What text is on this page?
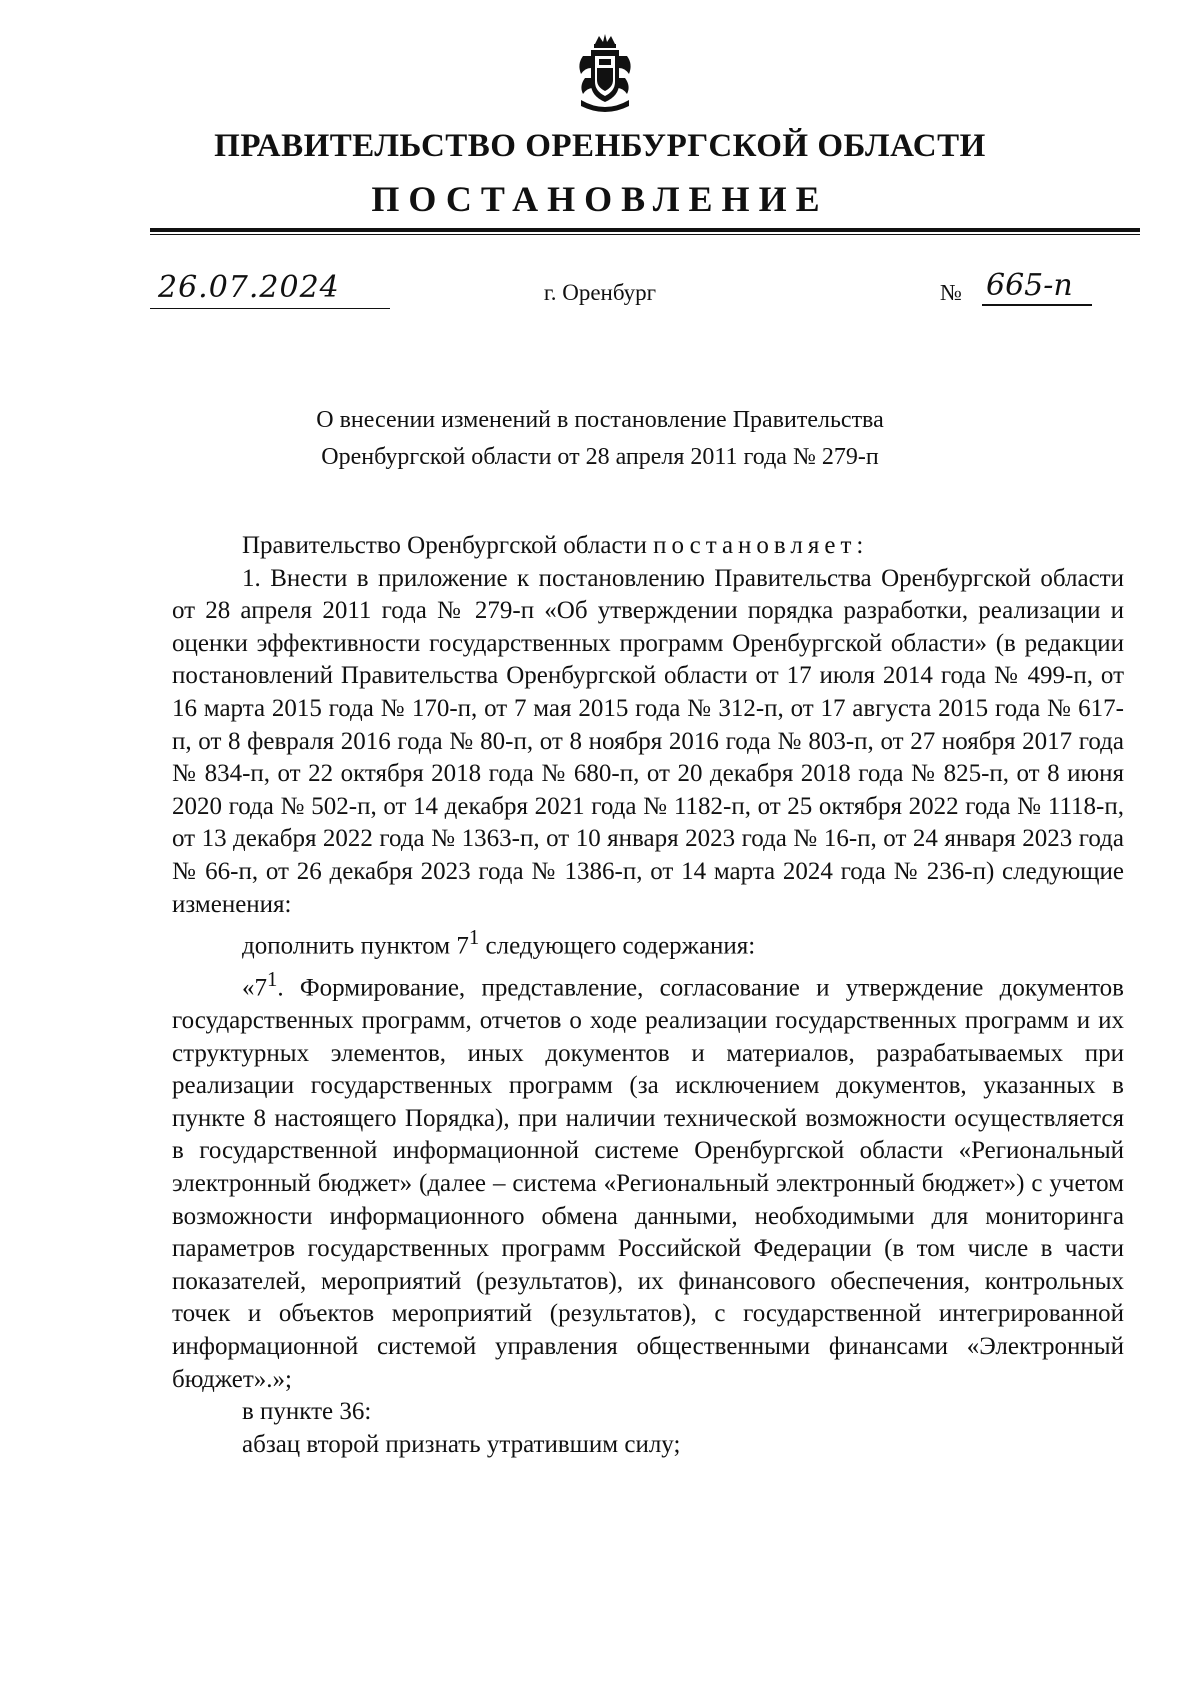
ПРАВИТЕЛЬСТВО ОРЕНБУРГСКОЙ ОБЛАСТИ
ПОСТАНОВЛЕНИЕ
26.07.2024	г. Оренбург	№ 665-п
О внесении изменений в постановление Правительства
Оренбургской области от 28 апреля 2011 года № 279-п

Правительство Оренбургской области постановляет:

1. Внести в приложение к постановлению Правительства Оренбургской области от 28 апреля 2011 года № 279-п «Об утверждении порядка разработки, реализации и оценки эффективности государственных программ Оренбургской области» (в редакции постановлений Правительства Оренбургской области от 17 июля 2014 года № 499-п, от 16 марта 2015 года № 170-п, от 7 мая 2015 года № 312-п, от 17 августа 2015 года № 617-п, от 8 февраля 2016 года № 80-п, от 8 ноября 2016 года № 803-п, от 27 ноября 2017 года № 834-п, от 22 октября 2018 года № 680-п, от 20 декабря 2018 года № 825-п, от 8 июня 2020 года № 502-п, от 14 декабря 2021 года № 1182-п, от 25 октября 2022 года № 1118-п, от 13 декабря 2022 года № 1363-п, от 10 января 2023 года № 16-п, от 24 января 2023 года № 66-п, от 26 декабря 2023 года № 1386-п, от 14 марта 2024 года № 236-п) следующие изменения:

дополнить пунктом $7^1$ следующего содержания:

«$7^1$. Формирование, представление, согласование и утверждение документов государственных программ, отчетов о ходе реализации государственных программ и их структурных элементов, иных документов и материалов, разрабатываемых при реализации государственных программ (за исключением документов, указанных в пункте 8 настоящего Порядка), при наличии технической возможности осуществляется в государственной информационной системе Оренбургской области «Региональный электронный бюджет» (далее – система «Региональный электронный бюджет») с учетом возможности информационного обмена данными, необходимыми для мониторинга параметров государственных программ Российской Федерации (в том числе в части показателей, мероприятий (результатов), их финансового обеспечения, контрольных точек и объектов мероприятий (результатов), с государственной интегрированной информационной системой управления общественными финансами «Электронный бюджет».»;

в пункте 36:

абзац второй признать утратившим силу;
